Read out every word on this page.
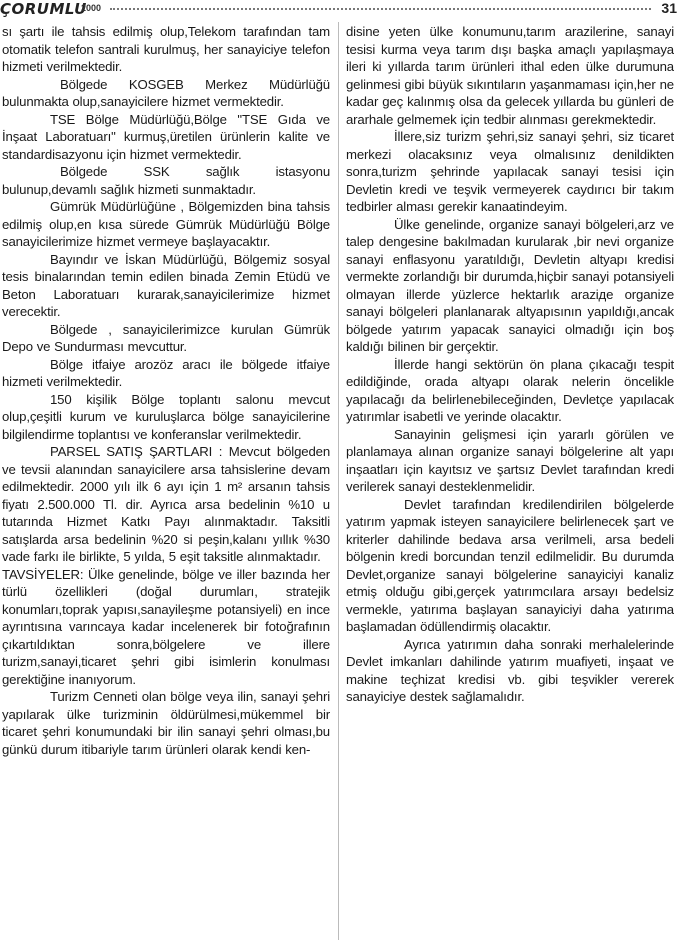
ÇORUMLU
2000	31

sı şartı ile tahsis edilmiş olup,Telekom tarafından tam otomatik telefon santrali kurulmuş, her sanayiciye telefon hizmeti verilmektedir.

Bölgede KOSGEB Merkez Müdürlüğü bulunmakta olup,sanayicilere hizmet vermektedir.

TSE Bölge Müdürlüğü,Bölge "TSE Gıda ve İnşaat Laboratuarı" kurmuş,üretilen ürünlerin kalite ve standardisazyonu için hizmet vermektedir.

Bölgede SSK sağlık istasyonu bulunup,devamlı sağlık hizmeti sunmaktadır.

Gümrük Müdürlüğüne , Bölgemizden bina tahsis edilmiş olup,en kısa sürede Gümrük Müdürlüğü Bölge sanayicilerimize hizmet vermeye başlayacaktır.

Bayındır ve İskan Müdürlüğü, Bölgemiz sosyal tesis binalarından temin edilen binada Zemin Etüdü ve Beton Laboratuarı kurarak,sanayicilerimize hizmet verecektir.

Bölgede , sanayicilerimizce kurulan Gümrük Depo ve Sundurması mevcuttur.

Bölge itfaiye arozöz aracı ile bölgede itfaiye hizmeti verilmektedir.

150 kişilik Bölge toplantı salonu mevcut olup,çeşitli kurum ve kuruluşlarca bölge sanayicilerine bilgilendirme toplantısı ve konferanslar verilmektedir.

PARSEL SATIŞ ŞARTLARI : Mevcut bölgeden ve tevsii alanından sanayicilere arsa tahsislerine devam edilmektedir. 2000 yılı ilk 6 ayı için 1 m² arsanın tahsis fiyatı 2.500.000 Tl. dir. Ayrıca arsa bedelinin %10 u tutarında Hizmet Katkı Payı alınmaktadır. Taksitli satışlarda arsa bedelinin %20 si peşin,kalanı yıllık %30 vade farkı ile birlikte, 5 yılda, 5 eşit taksitle alınmaktadır.

TAVSİYELER: Ülke genelinde, bölge ve iller bazında her türlü özellikleri (doğal durumları, stratejik konumları,toprak yapısı,sanayileşme potansiyeli) en ince ayrıntısına varıncaya kadar incelenerek bir fotoğrafının çıkartıldıktan sonra,bölgelere ve illere turizm,sanayi,ticaret şehri gibi isimlerin konulması gerektiğine inanıyorum.

Turizm Cenneti olan bölge veya ilin, sanayi şehri yapılarak ülke turizminin öldürülmesi,mükemmel bir ticaret şehri konumundaki bir ilin sanayi şehri olması,bu günkü durum itibariyle tarım ürünleri olarak kendi ken-

disine yeten ülke konumunu,tarım arazilerine, sanayi tesisi kurma veya tarım dışı başka amaçlı yapılaşmaya ileri ki yıllarda tarım ürünleri ithal eden ülke durumuna gelinmesi gibi büyük sıkıntıların yaşanmaması için,her ne kadar geç kalınmış olsa da gelecek yıllarda bu günleri de ararhale gelmemek için tedbir alınması gerekmektedir.

İllere,siz turizm şehri,siz sanayi şehri, siz ticaret merkezi olacaksınız veya olmalısınız denildikten sonra,turizm şehrinde yapılacak sanayi tesisi için Devletin kredi ve teşvik vermeyerek caydırıcı bir takım tedbirler alması gerekir kanaatindeyim.

Ülke genelinde, organize sanayi bölgeleri,arz ve talep dengesine bakılmadan kurularak ,bir nevi organize sanayi enflasyonu yaratıldığı, Devletin altyapı kredisi vermekte zorlandığı bir durumda,hiçbir sanayi potansiyeli olmayan illerde yüzlerce hektarlık araziде organize sanayi bölgeleri planlanarak altyapısının yapıldığı,ancak bölgede yatırım yapacak sanayici olmadığı için boş kaldığı bilinen bir gerçektir.

İllerde hangi sektörün ön plana çıkacağı tespit edildiğinde, orada altyapı olarak nelerin öncelikle yapılacağı da belirlenebileceğinden, Devletçe yapılacak yatırımlar isabetli ve yerinde olacaktır.

Sanayinin gelişmesi için yararlı görülen ve planlamaya alınan organize sanayi bölgelerine alt yapı inşaatları için kayıtsız ve şartsız Devlet tarafından kredi verilerek sanayi desteklenmelidir.

Devlet tarafından kredilendirilen bölgelerde yatırım yapmak isteyen sanayicilere belirlenecek şart ve kriterler dahilinde bedava arsa verilmeli, arsa bedeli bölgenin kredi borcundan tenzil edilmelidir. Bu durumda Devlet,organize sanayi bölgelerine sanayiciyi kanaliz etmiş olduğu gibi,gerçek yatırımcılara arsayı bedelsiz vermekle, yatırıma başlayan sanayiciyi daha yatırıma başlamadan ödüllendirmiş olacaktır.

Ayrıca yatırımın daha sonraki merhalelerinde Devlet imkanları dahilinde yatırım muafiyeti, inşaat ve makine teçhizat kredisi vb. gibi teşvikler vererek sanayiciye destek sağlamalıdır.
